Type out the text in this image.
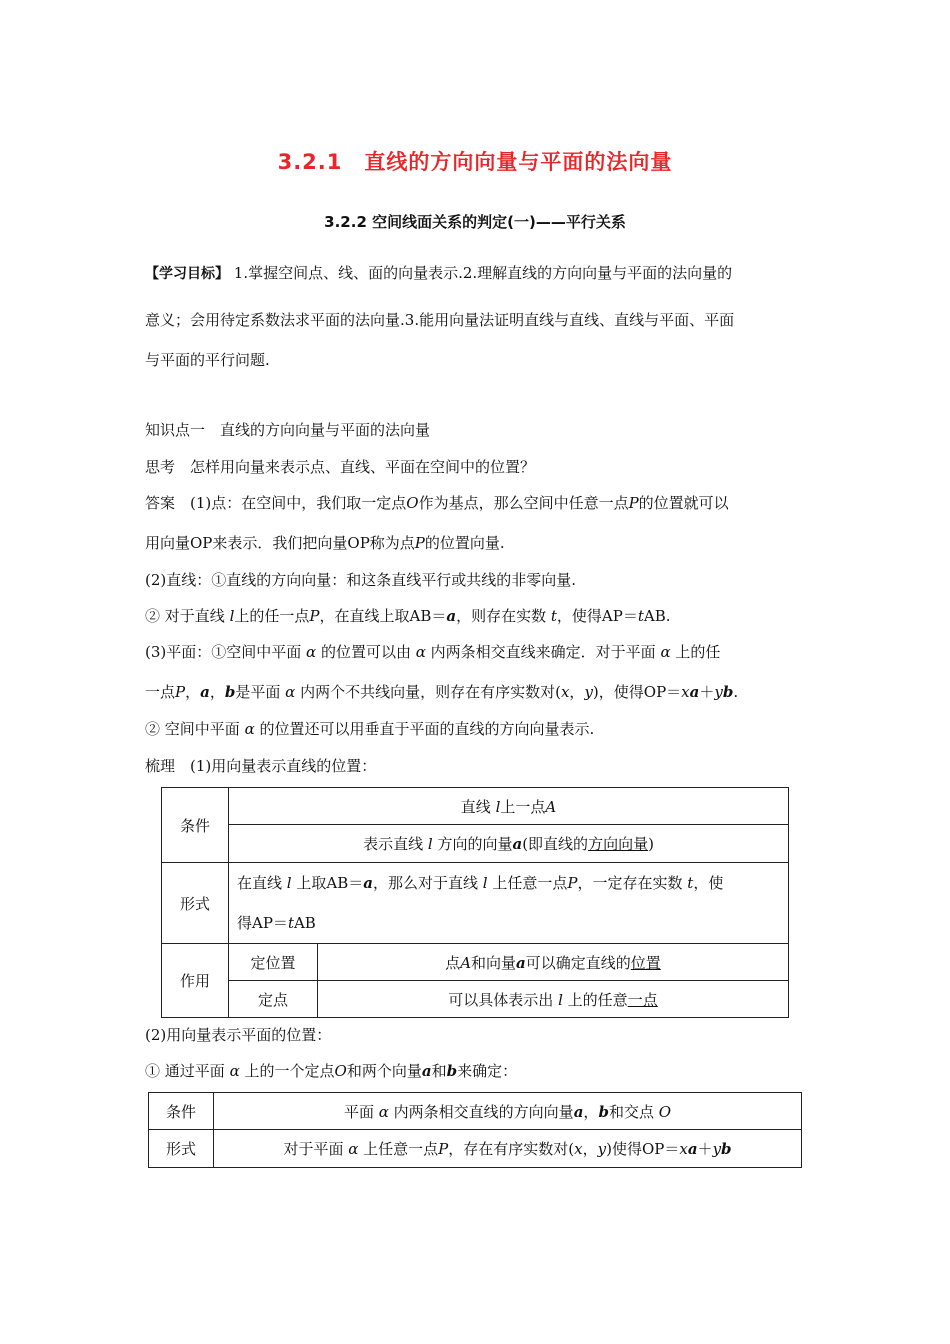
3.2.1　直线的方向向量与平面的法向量
3.2.2 空间线面关系的判定(一)——平行关系
【学习目标】 1.掌握空间点、线、面的向量表示.2.理解直线的方向向量与平面的法向量的
意义；会用待定系数法求平面的法向量.3.能用向量法证明直线与直线、直线与平面、平面
与平面的平行问题.
知识点一　直线的方向向量与平面的法向量
思考　怎样用向量来表示点、直线、平面在空间中的位置？
答案　(1)点：在空间中，我们取一定点O作为基点，那么空间中任意一点P的位置就可以
用向量OP来表示．我们把向量OP称为点P的位置向量.
(2)直线：①直线的方向向量：和这条直线平行或共线的非零向量.
② 对于直线 l上的任一点P，在直线上取AB＝a，则存在实数 t，使得AP＝tAB.
(3)平面：①空间中平面 α 的位置可以由 α 内两条相交直线来确定．对于平面 α 上的任
一点P，a，b是平面 α 内两个不共线向量，则存在有序实数对(x，y)，使得OP＝xa＋yb.
② 空间中平面 α 的位置还可以用垂直于平面的直线的方向向量表示.
梳理　(1)用向量表示直线的位置：
条件	直线 l上一点A	
	表示直线 l 方向的向量a(即直线的方向向量)	
形式	在直线 l 上取AB＝a，那么对于直线 l 上任意一点P，一定存在实数 t，使
得AP＝tAB	
作用	定位置	点A和向量a可以确定直线的位置
	定点	可以具体表示出 l 上的任意一点
(2)用向量表示平面的位置：
① 通过平面 α 上的一个定点O和两个向量a和b来确定：
条件	平面 α 内两条相交直线的方向向量a，b和交点 O
形式	对于平面 α 上任意一点P，存在有序实数对(x，y)使得OP＝xa＋yb
